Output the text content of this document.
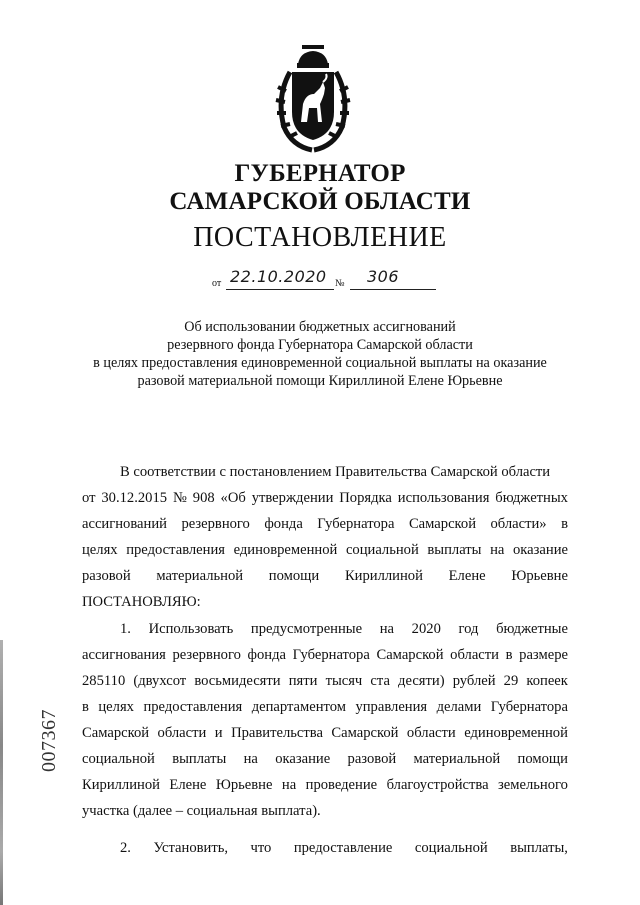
ГУБЕРНАТОР
САМАРСКОЙ ОБЛАСТИ
ПОСТАНОВЛЕНИЕ
от 22.10.2020 № 306
Об использовании бюджетных ассигнований
резервного фонда Губернатора Самарской области
в целях предоставления единовременной социальной выплаты на оказание
разовой материальной помощи Кириллиной Елене Юрьевне
В соответствии с постановлением Правительства Самарской области
от 30.12.2015 № 908 «Об утверждении Порядка использования бюджетных
ассигнований резервного фонда Губернатора Самарской области» в
целях предоставления единовременной социальной выплаты на оказание
разовой материальной помощи Кириллиной Елене Юрьевне
ПОСТАНОВЛЯЮ:
1. Использовать предусмотренные на 2020 год бюджетные
ассигнования резервного фонда Губернатора Самарской области в размере
285110 (двухсот восьмидесяти пяти тысяч ста десяти) рублей 29 копеек
в целях предоставления департаментом управления делами Губернатора
Самарской области и Правительства Самарской области единовременной
социальной выплаты на оказание разовой материальной помощи
Кириллиной Елене Юрьевне на проведение благоустройства земельного
участка (далее – социальная выплата).
2. Установить, что предоставление социальной выплаты,
007367
